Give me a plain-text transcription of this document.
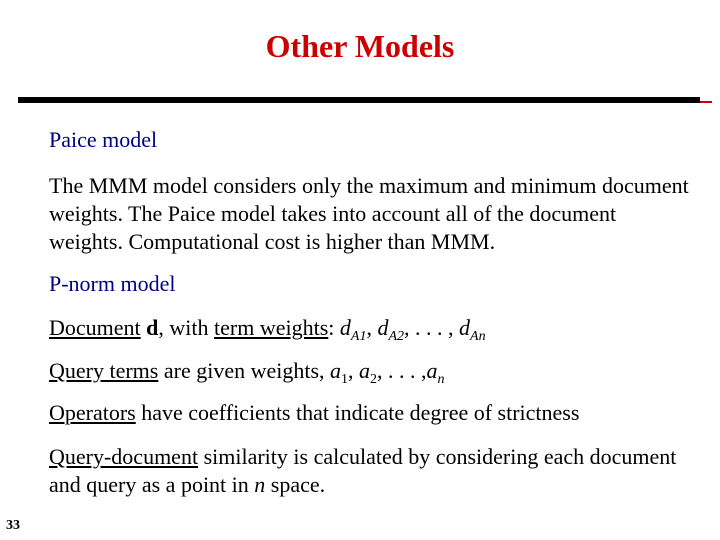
Other Models
Paice model
The MMM model considers only the maximum and minimum document weights. The Paice model takes into account all of the document weights. Computational cost is higher than MMM.
P-norm model
Document d, with term weights: $d_{A1}$, $d_{A2}$, . . . , $d_{An}$
Query terms are given weights, $a_1$, $a_2$, . . . $,a_n$
Operators have coefficients that indicate degree of strictness
Query-document similarity is calculated by considering each document and query as a point in n space.
33
